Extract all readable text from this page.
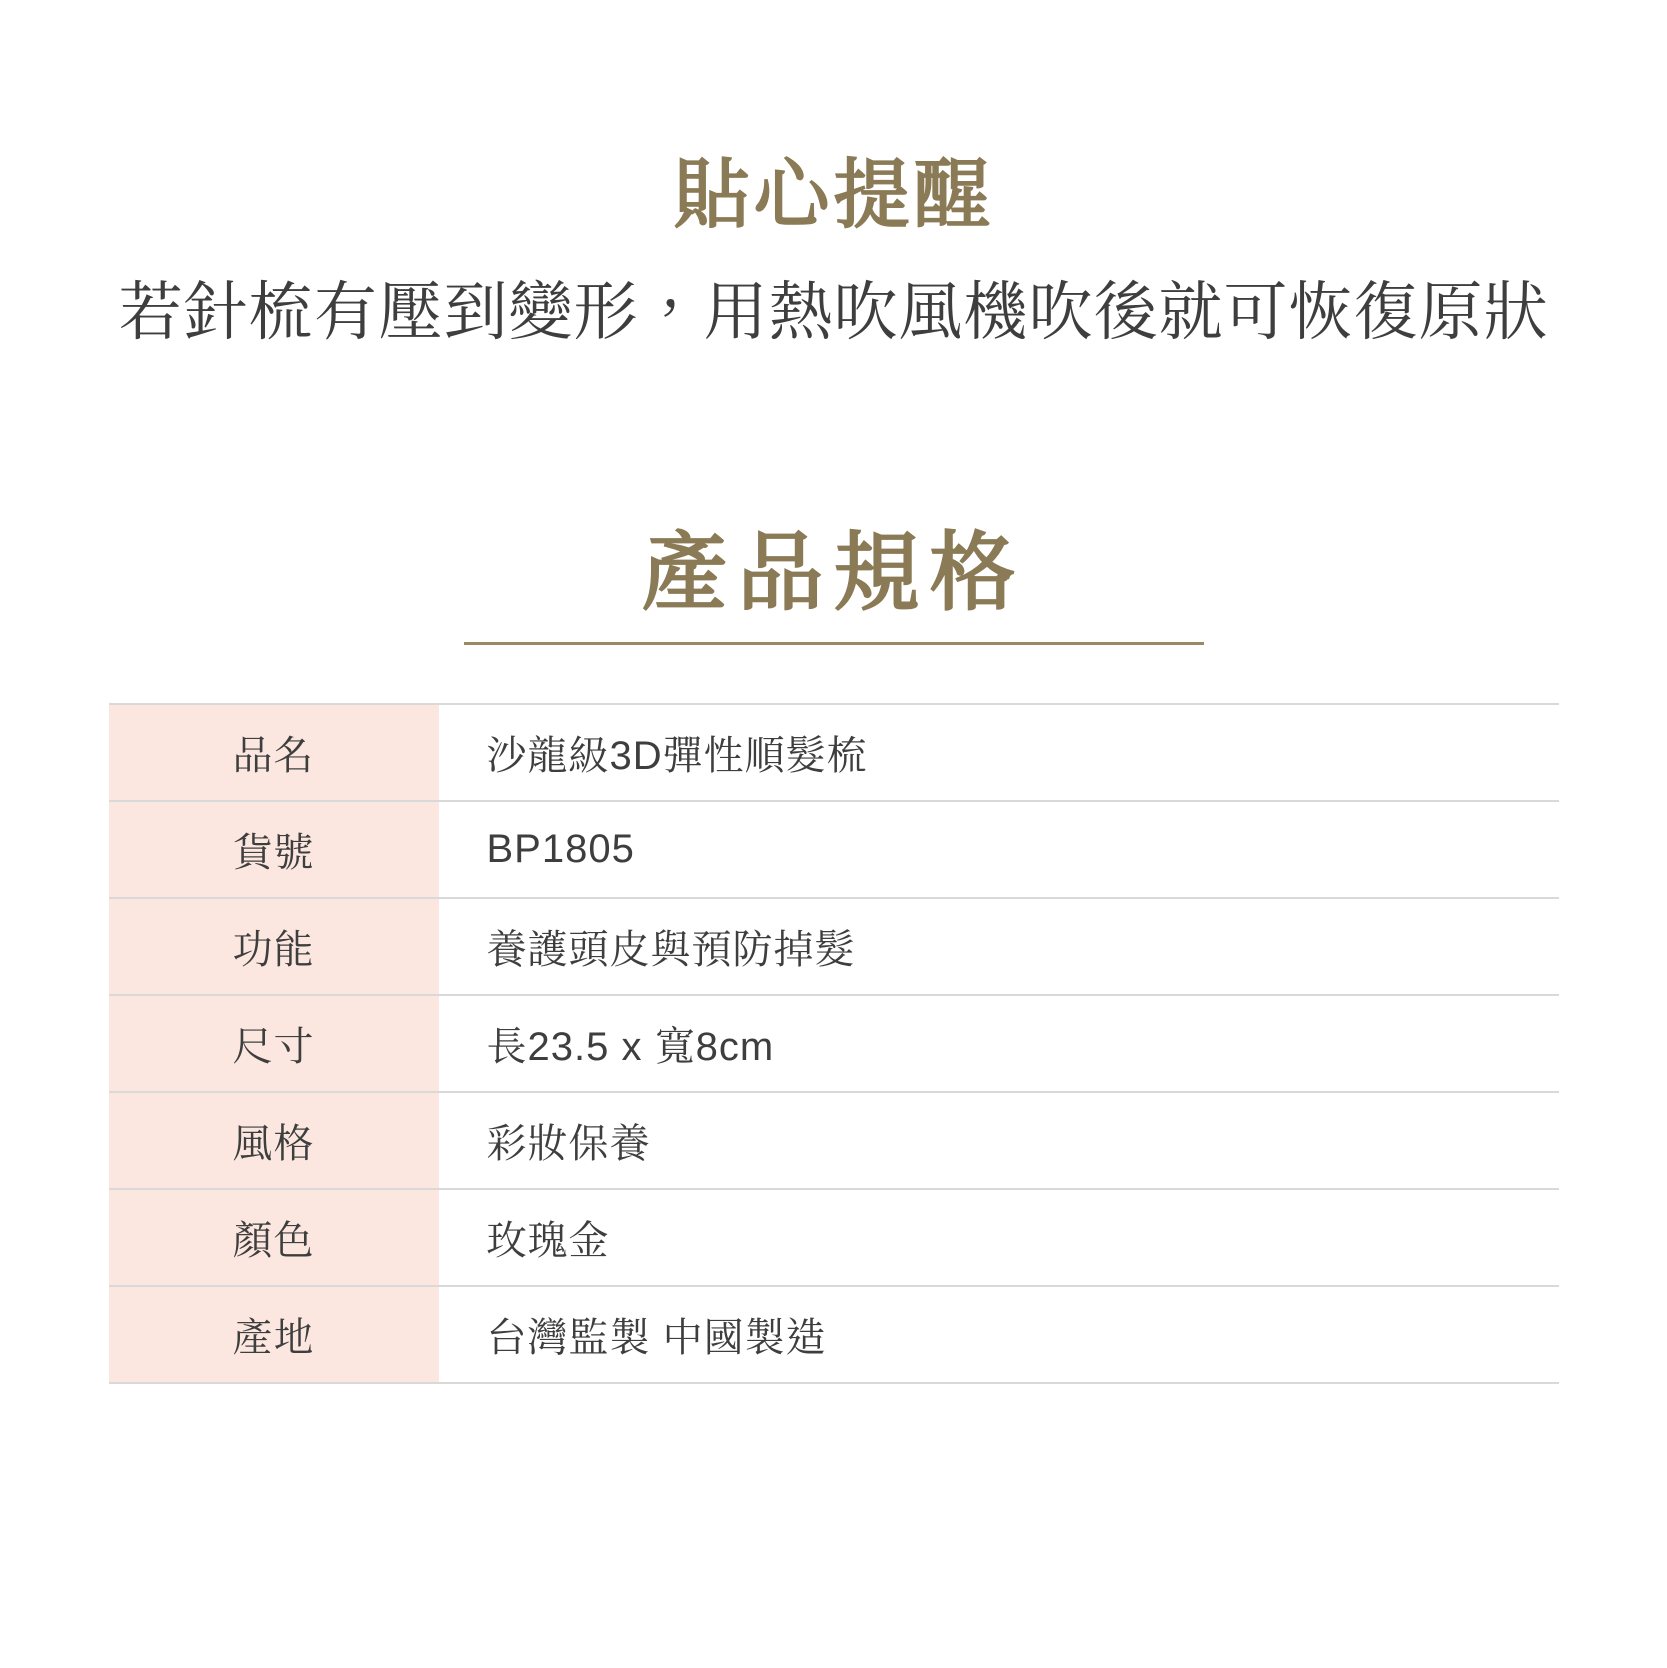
貼心提醒

若針梳有壓到變形，用熱吹風機吹後就可恢復原狀

產品規格
品名	沙龍級3D彈性順髮梳
貨號	BP1805
功能	養護頭皮與預防掉髮
尺寸	長23.5 x 寬8cm
風格	彩妝保養
顏色	玫瑰金
產地	台灣監製 中國製造
